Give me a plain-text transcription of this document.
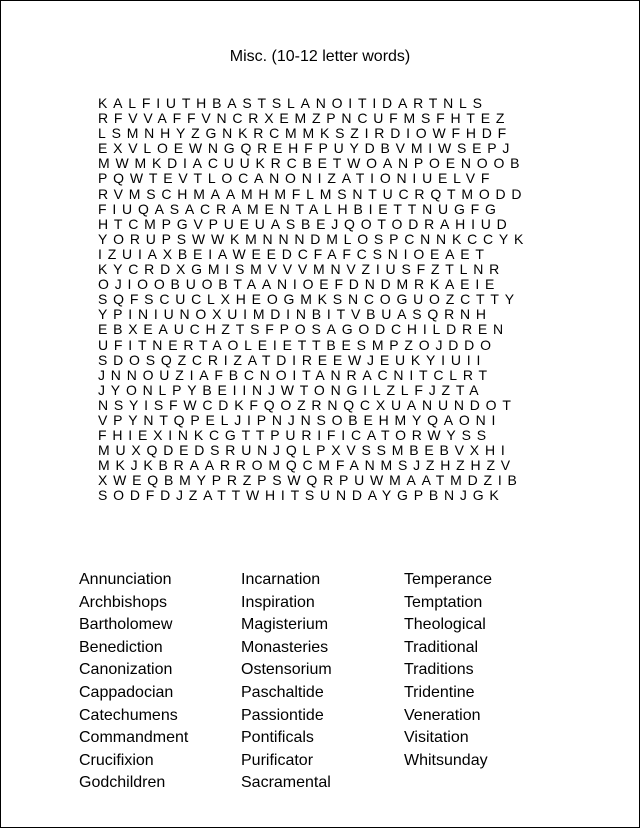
Misc. (10-12 letter words)
KALFIUTHBASTSLANOITIDARTNLS
RFVVAFFVNCRXEMZPNCUFMSFHTEZ
LSMNHYZGNKRCMMKSZIRDIOWFHDF
EXVLOEWNGQREHFPUYDBVMIWSEPJ
MWMKDIACUUKRCBETWOANPOENOOB
PQWTEVTLOCANONIZATIONIUELVF
RVMSCHMAAMHMFLMSNTUCRQTMODD
FIUQASACRAMENTALHBIETTNUGFG
HTCMPGVPUEUASBEJQOTODRAHIUD
YORUPSWWKMNNNDMLOSPCNNKCCYK
IZUIAXBEIAWEEDCFAFCSNIOEAET
KYCRDXGMISMVVVMNVZIUSFZTLNR
OJIOOBUOBTAANIOEFDNDMRKAEIE
SQFSCUCLXHEOGMKSNCOGUOZCTTY
YPINIUNOXUIMDINBITVBUASQRNH
EBXEAUCHZTSFPOSAGODCHILDREN
UFITNERTAOLEIETTBESMPZOJDDO
SDOSQZCRIZATDIREEWJEUKYIUII
JNNOUZIAFBCNOITANRACNITCLRT
JYONLPYBEIINJWTONGILZLFJZTA
NSYISFWCDKFQOZRNQCXUANUNDOT
VPYNTQPELJIPNJNSOBEHMYQAONI
FHIEXINKCGTTPURIFICATORWYSS
MUXQDEDSRUNJQLPXVSSMBEBVXHI
MKJKBRAARROMQCMFANMSJZHZHZV
XWEQBMYPRZPSWQRPUWMAATMDZIB
SODFDJZATTWHITSUNDAYGPBNJGK
Annunciation
Archbishops
Bartholomew
Benediction
Canonization
Cappadocian
Catechumens
Commandment
Crucifixion
Godchildren
Incarnation
Inspiration
Magisterium
Monasteries
Ostensorium
Paschaltide
Passiontide
Pontificals
Purificator
Sacramental
Temperance
Temptation
Theological
Traditional
Traditions
Tridentine
Veneration
Visitation
Whitsunday
